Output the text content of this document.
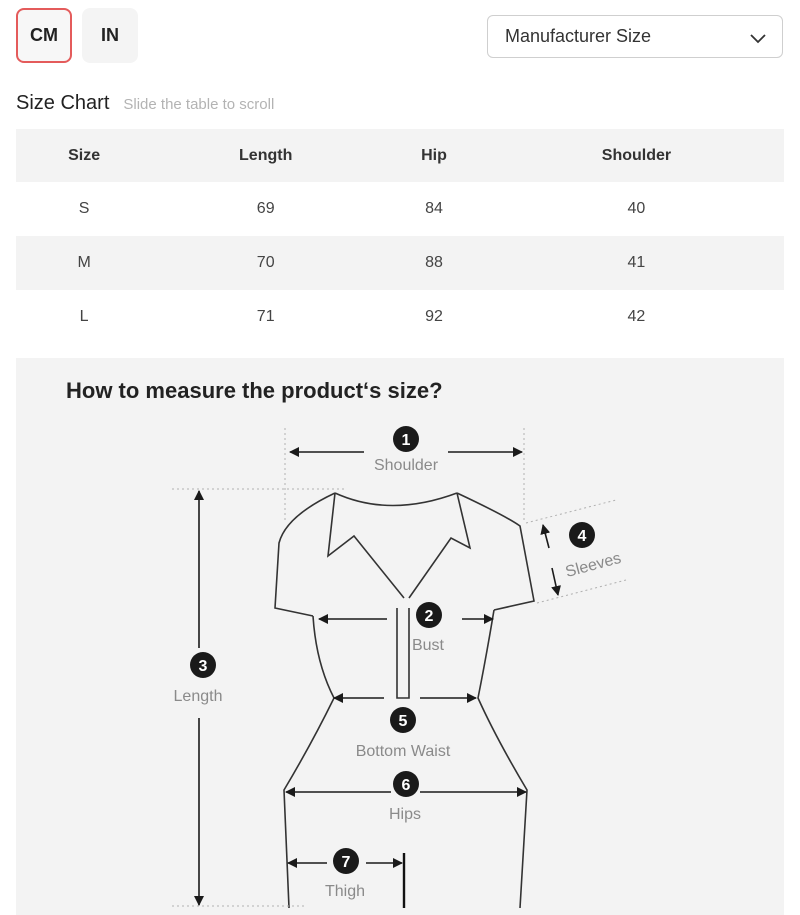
CM	IN	Manufacturer Size
Size Chart Slide the table to scroll
Size	Length	Hip	Shoulder
S	69	84	40
M	70	88	41
L	71	92	42
1
Shoulder
2
Bust
3
Length
4
Sleeves
5
Bottom Waist
6
Hips
7
Thigh
How to measure the product‘s size?
